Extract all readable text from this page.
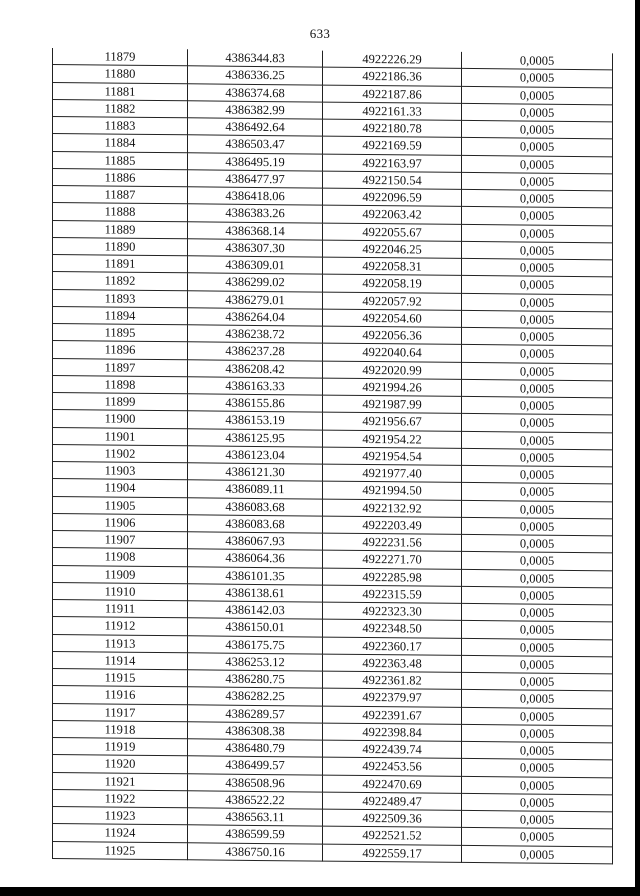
633
11879	4386344.83	4922226.29	0,0005
11880	4386336.25	4922186.36	0,0005
11881	4386374.68	4922187.86	0,0005
11882	4386382.99	4922161.33	0,0005
11883	4386492.64	4922180.78	0,0005
11884	4386503.47	4922169.59	0,0005
11885	4386495.19	4922163.97	0,0005
11886	4386477.97	4922150.54	0,0005
11887	4386418.06	4922096.59	0,0005
11888	4386383.26	4922063.42	0,0005
11889	4386368.14	4922055.67	0,0005
11890	4386307.30	4922046.25	0,0005
11891	4386309.01	4922058.31	0,0005
11892	4386299.02	4922058.19	0,0005
11893	4386279.01	4922057.92	0,0005
11894	4386264.04	4922054.60	0,0005
11895	4386238.72	4922056.36	0,0005
11896	4386237.28	4922040.64	0,0005
11897	4386208.42	4922020.99	0,0005
11898	4386163.33	4921994.26	0,0005
11899	4386155.86	4921987.99	0,0005
11900	4386153.19	4921956.67	0,0005
11901	4386125.95	4921954.22	0,0005
11902	4386123.04	4921954.54	0,0005
11903	4386121.30	4921977.40	0,0005
11904	4386089.11	4921994.50	0,0005
11905	4386083.68	4922132.92	0,0005
11906	4386083.68	4922203.49	0,0005
11907	4386067.93	4922231.56	0,0005
11908	4386064.36	4922271.70	0,0005
11909	4386101.35	4922285.98	0,0005
11910	4386138.61	4922315.59	0,0005
11911	4386142.03	4922323.30	0,0005
11912	4386150.01	4922348.50	0,0005
11913	4386175.75	4922360.17	0,0005
11914	4386253.12	4922363.48	0,0005
11915	4386280.75	4922361.82	0,0005
11916	4386282.25	4922379.97	0,0005
11917	4386289.57	4922391.67	0,0005
11918	4386308.38	4922398.84	0,0005
11919	4386480.79	4922439.74	0,0005
11920	4386499.57	4922453.56	0,0005
11921	4386508.96	4922470.69	0,0005
11922	4386522.22	4922489.47	0,0005
11923	4386563.11	4922509.36	0,0005
11924	4386599.59	4922521.52	0,0005
11925	4386750.16	4922559.17	0,0005
